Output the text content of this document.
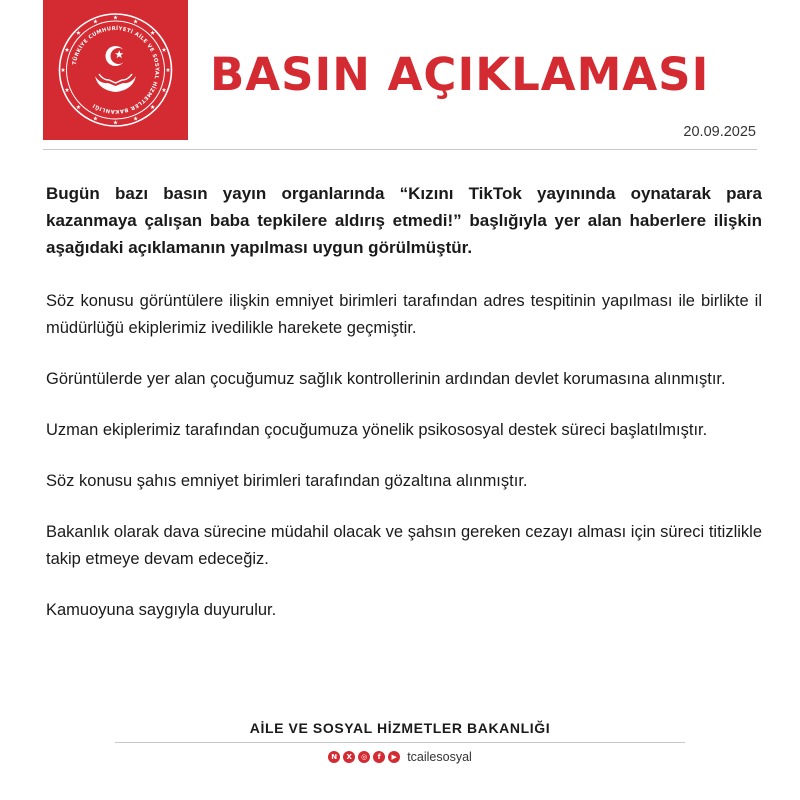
TÜRKİYE CUMHURİYETİ AİLE VE SOSYAL HİZMETLER BAKANLIĞI
BASIN AÇIKLAMASI
20.09.2025

Bugün bazı basın yayın organlarında “Kızını TikTok yayınında oynatarak para kazanmaya çalışan baba tepkilere aldırış etmedi!” başlığıyla yer alan haberlere ilişkin aşağıdaki açıklamanın yapılması uygun görülmüştür.

Söz konusu görüntülere ilişkin emniyet birimleri tarafından adres tespitinin yapılması ile birlikte il müdürlüğü ekiplerimiz ivedilikle harekete geçmiştir.

Görüntülerde yer alan çocuğumuz sağlık kontrollerinin ardından devlet korumasına alınmıştır.

Uzman ekiplerimiz tarafından çocuğumuza yönelik psikososyal destek süreci başlatılmıştır.

Söz konusu şahıs emniyet birimleri tarafından gözaltına alınmıştır.

Bakanlık olarak dava sürecine müdahil olacak ve şahsın gereken cezayı alması için süreci titizlikle takip etmeye devam edeceğiz.

Kamuoyuna saygıyla duyurulur.

AİLE VE SOSYAL HİZMETLER BAKANLIĞI
N	X	◎	f	▶ tcailesosyal
